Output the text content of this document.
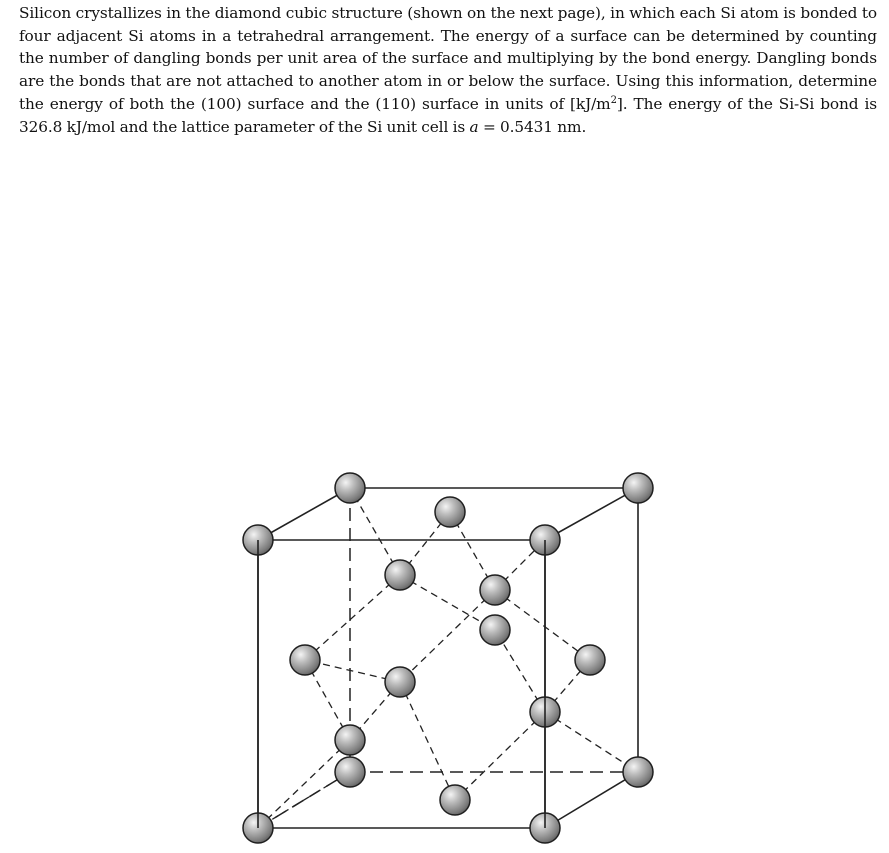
Silicon crystallizes in the diamond cubic structure (shown on the next page), in which each Si atom is bonded to four adjacent Si atoms in a tetrahedral arrangement. The energy of a surface can be determined by counting the number of dangling bonds per unit area of the surface and multiplying by the bond energy. Dangling bonds are the bonds that are not attached to another atom in or below the surface. Using this information, determine the energy of both the (100) surface and the (110) surface in units of $[kJ/m^2]$. The energy of the Si-Si bond is 326.8 kJ/mol and the lattice parameter of the Si unit cell is a = 0.5431 nm.
